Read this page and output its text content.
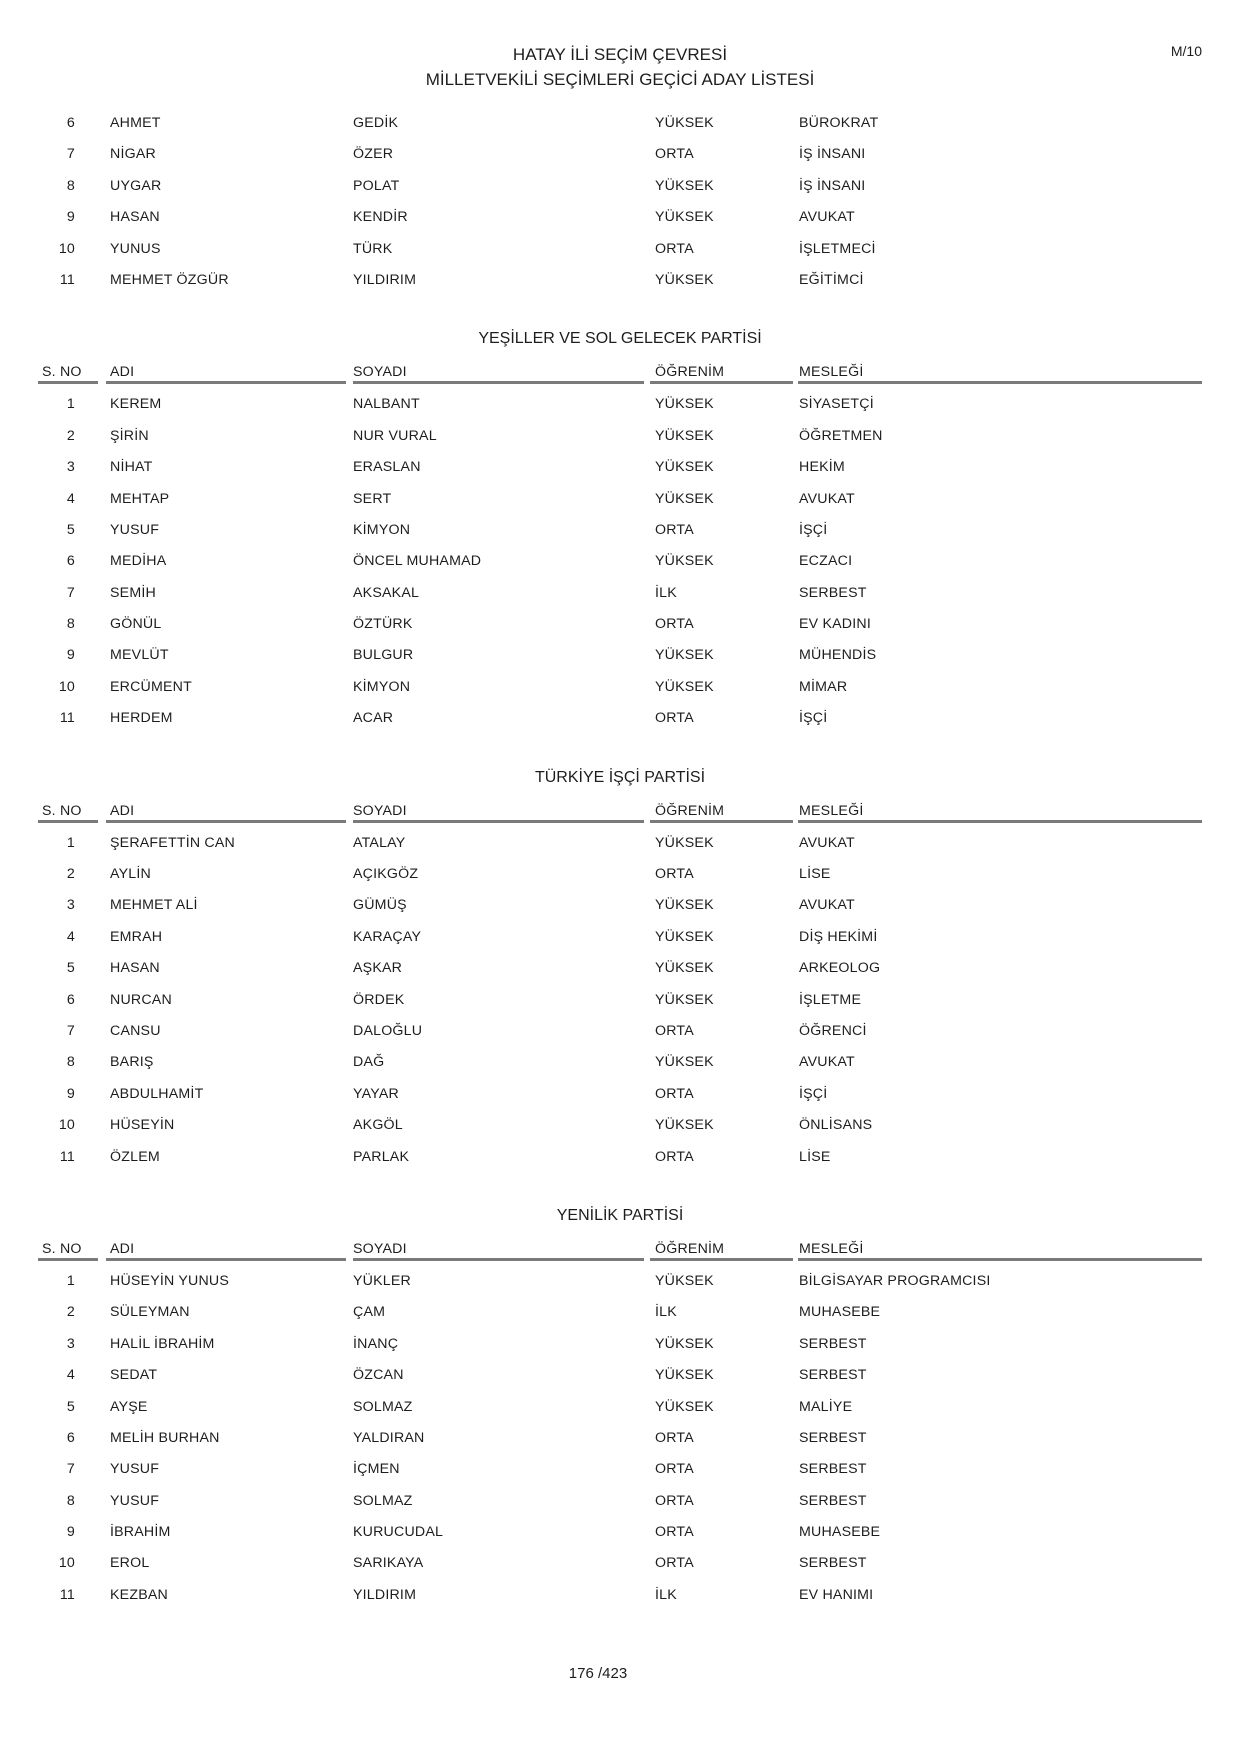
M/10
HATAY İLİ SEÇİM ÇEVRESİ
MİLLETVEKİLİ SEÇİMLERİ GEÇİCİ ADAY LİSTESİ
6 AHMET	GEDİK	YÜKSEK	BÜROKRAT
7 NİGAR	ÖZER	ORTA	İŞ İNSANI
8 UYGAR	POLAT	YÜKSEK	İŞ İNSANI
9 HASAN	KENDİR	YÜKSEK	AVUKAT
10 YUNUS	TÜRK	ORTA	İŞLETMECİ
11 MEHMET ÖZGÜR	YILDIRIM	YÜKSEK	EĞİTİMCİ
YEŞİLLER VE SOL GELECEK PARTİSİ
S. NO ADI	SOYADI	ÖĞRENİM	MESLEĞİ
1 KEREM	NALBANT	YÜKSEK	SİYASETÇİ
2 ŞİRİN	NUR VURAL	YÜKSEK	ÖĞRETMEN
3 NİHAT	ERASLAN	YÜKSEK	HEKİM
4 MEHTAP	SERT	YÜKSEK	AVUKAT
5 YUSUF	KİMYON	ORTA	İŞÇİ
6 MEDİHA	ÖNCEL MUHAMAD	YÜKSEK	ECZACI
7 SEMİH	AKSAKAL	İLK	SERBEST
8 GÖNÜL	ÖZTÜRK	ORTA	EV KADINI
9 MEVLÜT	BULGUR	YÜKSEK	MÜHENDİS
10 ERCÜMENT	KİMYON	YÜKSEK	MİMAR
11 HERDEM	ACAR	ORTA	İŞÇİ
TÜRKİYE İŞÇİ PARTİSİ
S. NO ADI	SOYADI	ÖĞRENİM	MESLEĞİ
1 ŞERAFETTİN CAN	ATALAY	YÜKSEK	AVUKAT
2 AYLİN	AÇIKGÖZ	ORTA	LİSE
3 MEHMET ALİ	GÜMÜŞ	YÜKSEK	AVUKAT
4 EMRAH	KARAÇAY	YÜKSEK	DİŞ HEKİMİ
5 HASAN	AŞKAR	YÜKSEK	ARKEOLOG
6 NURCAN	ÖRDEK	YÜKSEK	İŞLETME
7 CANSU	DALOĞLU	ORTA	ÖĞRENCİ
8 BARIŞ	DAĞ	YÜKSEK	AVUKAT
9 ABDULHAMİT	YAYAR	ORTA	İŞÇİ
10 HÜSEYİN	AKGÖL	YÜKSEK	ÖNLİSANS
11 ÖZLEM	PARLAK	ORTA	LİSE
YENİLİK PARTİSİ
S. NO ADI	SOYADI	ÖĞRENİM	MESLEĞİ
1 HÜSEYİN YUNUS	YÜKLER	YÜKSEK	BİLGİSAYAR PROGRAMCISI
2 SÜLEYMAN	ÇAM	İLK	MUHASEBE
3 HALİL İBRAHİM	İNANÇ	YÜKSEK	SERBEST
4 SEDAT	ÖZCAN	YÜKSEK	SERBEST
5 AYŞE	SOLMAZ	YÜKSEK	MALİYE
6 MELİH BURHAN	YALDIRAN	ORTA	SERBEST
7 YUSUF	İÇMEN	ORTA	SERBEST
8 YUSUF	SOLMAZ	ORTA	SERBEST
9 İBRAHİM	KURUCUDAL	ORTA	MUHASEBE
10 EROL	SARIKAYA	ORTA	SERBEST
11 KEZBAN	YILDIRIM	İLK	EV HANIMI
176 /423
